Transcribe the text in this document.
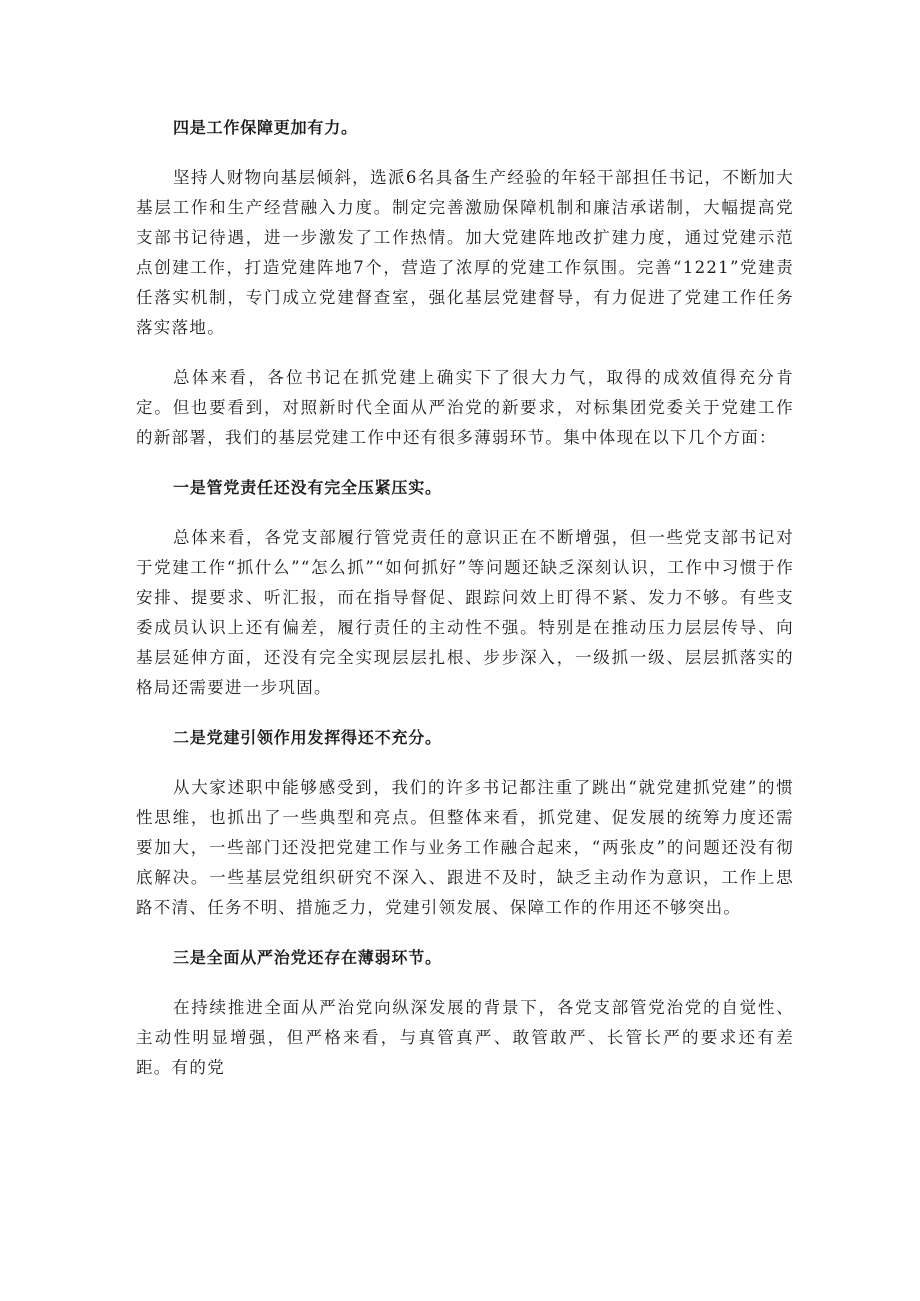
四是工作保障更加有力。
坚持人财物向基层倾斜，选派6名具备生产经验的年轻干部担任书记，不断加大基层工作和生产经营融入力度。制定完善激励保障机制和廉洁承诺制，大幅提高党支部书记待遇，进一步激发了工作热情。加大党建阵地改扩建力度，通过党建示范点创建工作，打造党建阵地7个，营造了浓厚的党建工作氛围。完善“1221”党建责任落实机制，专门成立党建督查室，强化基层党建督导，有力促进了党建工作任务落实落地。
总体来看，各位书记在抓党建上确实下了很大力气，取得的成效值得充分肯定。但也要看到，对照新时代全面从严治党的新要求，对标集团党委关于党建工作的新部署，我们的基层党建工作中还有很多薄弱环节。集中体现在以下几个方面：
一是管党责任还没有完全压紧压实。
总体来看，各党支部履行管党责任的意识正在不断增强，但一些党支部书记对于党建工作“抓什么”“怎么抓”“如何抓好”等问题还缺乏深刻认识，工作中习惯于作安排、提要求、听汇报，而在指导督促、跟踪问效上盯得不紧、发力不够。有些支委成员认识上还有偏差，履行责任的主动性不强。特别是在推动压力层层传导、向基层延伸方面，还没有完全实现层层扎根、步步深入，一级抓一级、层层抓落实的格局还需要进一步巩固。
二是党建引领作用发挥得还不充分。
从大家述职中能够感受到，我们的许多书记都注重了跳出“就党建抓党建”的惯性思维，也抓出了一些典型和亮点。但整体来看，抓党建、促发展的统筹力度还需要加大，一些部门还没把党建工作与业务工作融合起来，“两张皮”的问题还没有彻底解决。一些基层党组织研究不深入、跟进不及时，缺乏主动作为意识，工作上思路不清、任务不明、措施乏力，党建引领发展、保障工作的作用还不够突出。
三是全面从严治党还存在薄弱环节。
在持续推进全面从严治党向纵深发展的背景下，各党支部管党治党的自觉性、主动性明显增强，但严格来看，与真管真严、敢管敢严、长管长严的要求还有差距。有的党
